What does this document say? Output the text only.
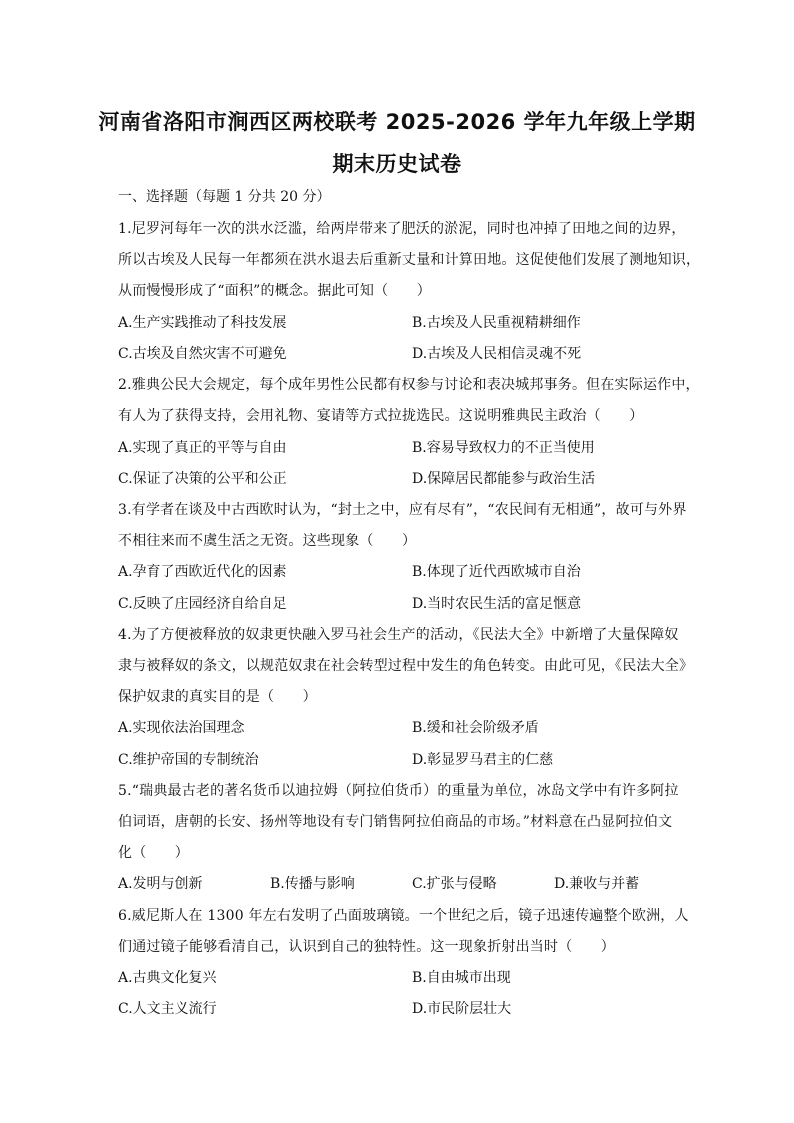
河南省洛阳市涧西区两校联考 2025-2026 学年九年级上学期
期末历史试卷
一、选择题（每题 1 分共 20 分）
1.尼罗河每年一次的洪水泛滥，给两岸带来了肥沃的淤泥，同时也冲掉了田地之间的边界，
所以古埃及人民每一年都须在洪水退去后重新丈量和计算田地。这促使他们发展了测地知识，
从而慢慢形成了“面积”的概念。据此可知（　　）
A.生产实践推动了科技发展	B.古埃及人民重视精耕细作
C.古埃及自然灾害不可避免	D.古埃及人民相信灵魂不死
2.雅典公民大会规定，每个成年男性公民都有权参与讨论和表决城邦事务。但在实际运作中，
有人为了获得支持，会用礼物、宴请等方式拉拢选民。这说明雅典民主政治（　　）
A.实现了真正的平等与自由	B.容易导致权力的不正当使用
C.保证了决策的公平和公正	D.保障居民都能参与政治生活
3.有学者在谈及中古西欧时认为，“封土之中，应有尽有”，“农民间有无相通”，故可与外界
不相往来而不虞生活之无资。这些现象（　　）
A.孕育了西欧近代化的因素	B.体现了近代西欧城市自治
C.反映了庄园经济自给自足	D.当时农民生活的富足惬意
4.为了方便被释放的奴隶更快融入罗马社会生产的活动，《民法大全》中新增了大量保障奴
隶与被释奴的条文，以规范奴隶在社会转型过程中发生的角色转变。由此可见，《民法大全》
保护奴隶的真实目的是（　　）
A.实现依法治国理念	B.缓和社会阶级矛盾
C.维护帝国的专制统治	D.彰显罗马君主的仁慈
5.“瑞典最古老的著名货币以迪拉姆（阿拉伯货币）的重量为单位，冰岛文学中有许多阿拉
伯词语，唐朝的长安、扬州等地设有专门销售阿拉伯商品的市场。”材料意在凸显阿拉伯文
化（　　）
A.发明与创新	B.传播与影响	C.扩张与侵略	D.兼收与并蓄
6.威尼斯人在 1300 年左右发明了凸面玻璃镜。一个世纪之后，镜子迅速传遍整个欧洲，人
们通过镜子能够看清自己，认识到自己的独特性。这一现象折射出当时（　　）
A.古典文化复兴	B.自由城市出现
C.人文主义流行	D.市民阶层壮大
